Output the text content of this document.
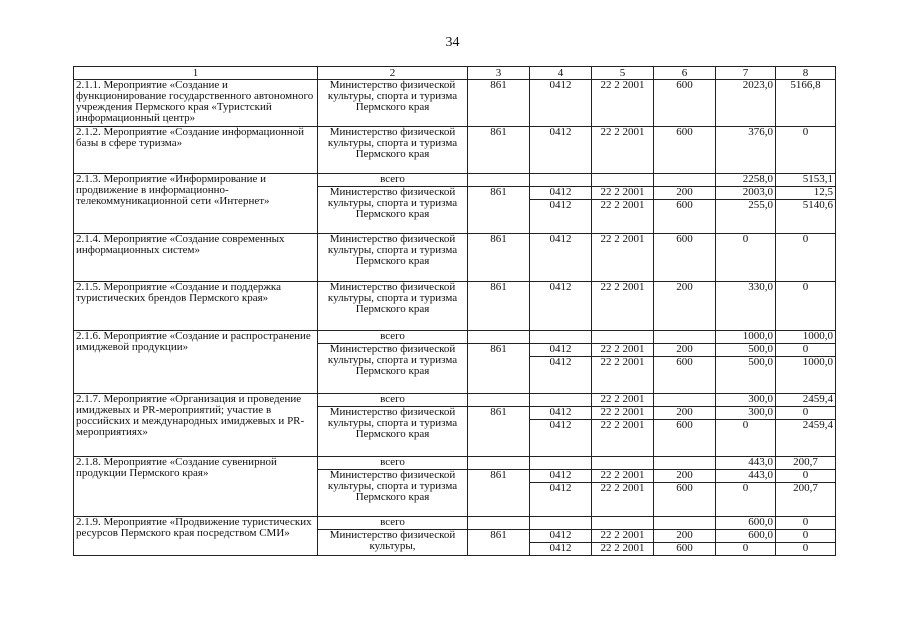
34
1	2	3	4	5	6	7	8
2.1.1. Мероприятие «Создание и функционирование государственного автономного учреждения Пермского края «Туристский информационный центр»	Министерство физической культуры, спорта и туризма Пермского края	861	0412	22 2 2001	600	2023,0	5166,8
2.1.2. Мероприятие «Создание информационной базы в сфере туризма»	Министерство физической культуры, спорта и туризма Пермского края	861	0412	22 2 2001	600	376,0	0
2.1.3. Мероприятие «Информирование и продвижение в информационно-телекоммуникационной сети «Интернет»	всего					2258,0	5153,1
	Министерство физической культуры, спорта и туризма Пермского края	861	0412	22 2 2001	200	2003,0	12,5
			0412	22 2 2001	600	255,0	5140,6
2.1.4. Мероприятие «Создание современных информационных систем»	Министерство физической культуры, спорта и туризма Пермского края	861	0412	22 2 2001	600	0	0
2.1.5. Мероприятие «Создание и поддержка туристических брендов Пермского края»	Министерство физической культуры, спорта и туризма Пермского края	861	0412	22 2 2001	200	330,0	0
2.1.6. Мероприятие «Создание и распространение имиджевой продукции»	всего					1000,0	1000,0
	Министерство физической культуры, спорта и туризма Пермского края	861	0412	22 2 2001	200	500,0	0
			0412	22 2 2001	600	500,0	1000,0
2.1.7. Мероприятие «Организация и проведение имиджевых и PR-мероприятий; участие в российских и международных имиджевых и PR-мероприятиях»	всего			22 2 2001		300,0	2459,4
	Министерство физической культуры, спорта и туризма Пермского края	861	0412	22 2 2001	200	300,0	0
			0412	22 2 2001	600	0	2459,4
2.1.8. Мероприятие «Создание сувенирной продукции Пермского края»	всего					443,0	200,7
	Министерство физической культуры, спорта и туризма Пермского края	861	0412	22 2 2001	200	443,0	0
			0412	22 2 2001	600	0	200,7
2.1.9. Мероприятие «Продвижение туристических ресурсов Пермского края посредством СМИ»	всего					600,0	0
	Министерство физической культуры,	861	0412	22 2 2001	200	600,0	0
			0412	22 2 2001	600	0	0
